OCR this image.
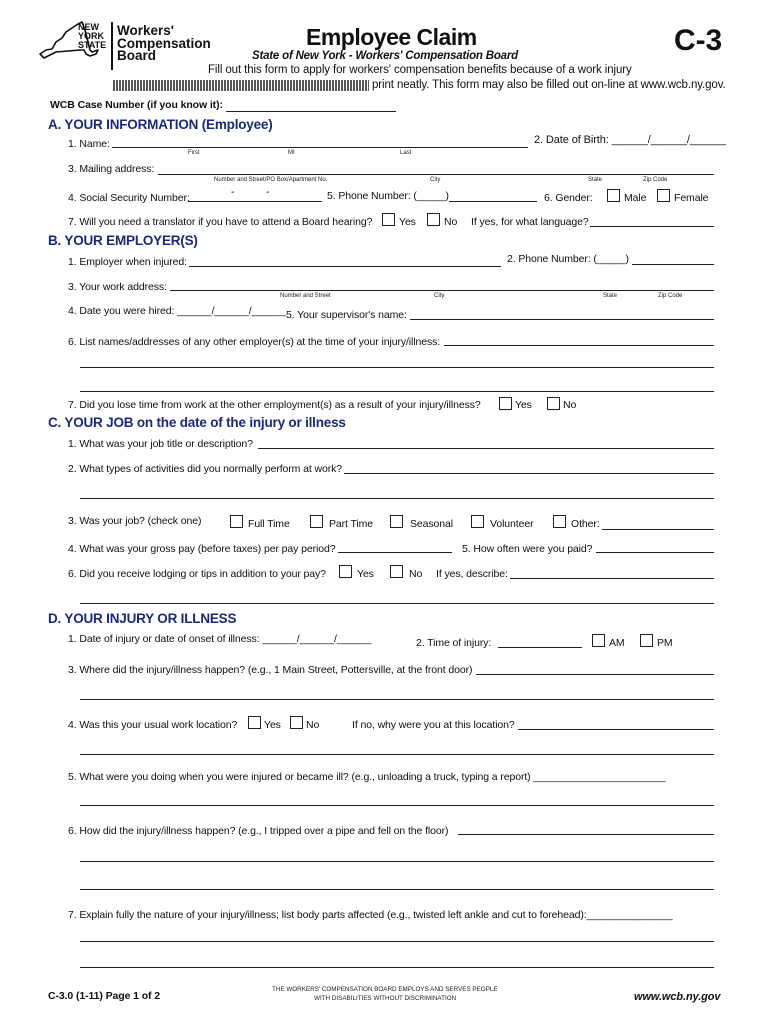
NEW
YORK
STATE
Workers'
Compensation
Board
Employee Claim	C-3
State of New York - Workers' Compensation Board
Fill out this form to apply for workers' compensation benefits because of a work injury
print neatly. This form may also be filled out on-line at www.wcb.ny.gov.
WCB Case Number (if you know it):
A. YOUR INFORMATION (Employee)
1. Name:
First	MI	Last
2. Date of Birth: ______/______/______
3. Mailing address:
Number and Street/PO Box/Apartment No.	City	State	Zip Code
4. Social Security Number:	-	-	5. Phone Number: (_____)	6. Gender:	Male	Female
7. Will you need a translator if you have to attend a Board hearing?	Yes	No If yes, for what language?
B. YOUR EMPLOYER(S)
1. Employer when injured:	2. Phone Number: (_____)
3. Your work address:
Number and Street	City	State	Zip Code
4. Date you were hired: ______/______/______ 5. Your supervisor's name:
6. List names/addresses of any other employer(s) at the time of your injury/illness:
7. Did you lose time from work at the other employment(s) as a result of your injury/illness?	Yes	No
C. YOUR JOB on the date of the injury or illness
1. What was your job title or description?
2. What types of activities did you normally perform at work?
3. Was your job? (check one)	Full Time	Part Time	Seasonal	Volunteer	Other:
4. What was your gross pay (before taxes) per pay period?	5. How often were you paid?
6. Did you receive lodging or tips in addition to your pay?	Yes	No If yes, describe:
D. YOUR INJURY OR ILLNESS
1. Date of injury or date of onset of illness: ______/______/______	2. Time of injury:	AM	PM
3. Where did the injury/illness happen? (e.g., 1 Main Street, Pottersville, at the front door)
4. Was this your usual work location?	Yes No	If no, why were you at this location?
5. What were you doing when you were injured or became ill? (e.g., unloading a truck, typing a report) _______________________
6. How did the injury/illness happen? (e.g., I tripped over a pipe and fell on the floor)
7. Explain fully the nature of your injury/illness; list body parts affected (e.g., twisted left ankle and cut to forehead):_______________
C-3.0 (1-11) Page 1 of 2
THE WORKERS' COMPENSATION BOARD EMPLOYS AND SERVES PEOPLE
WITH DISABILITIES WITHOUT DISCRIMINATION	www.wcb.ny.gov
